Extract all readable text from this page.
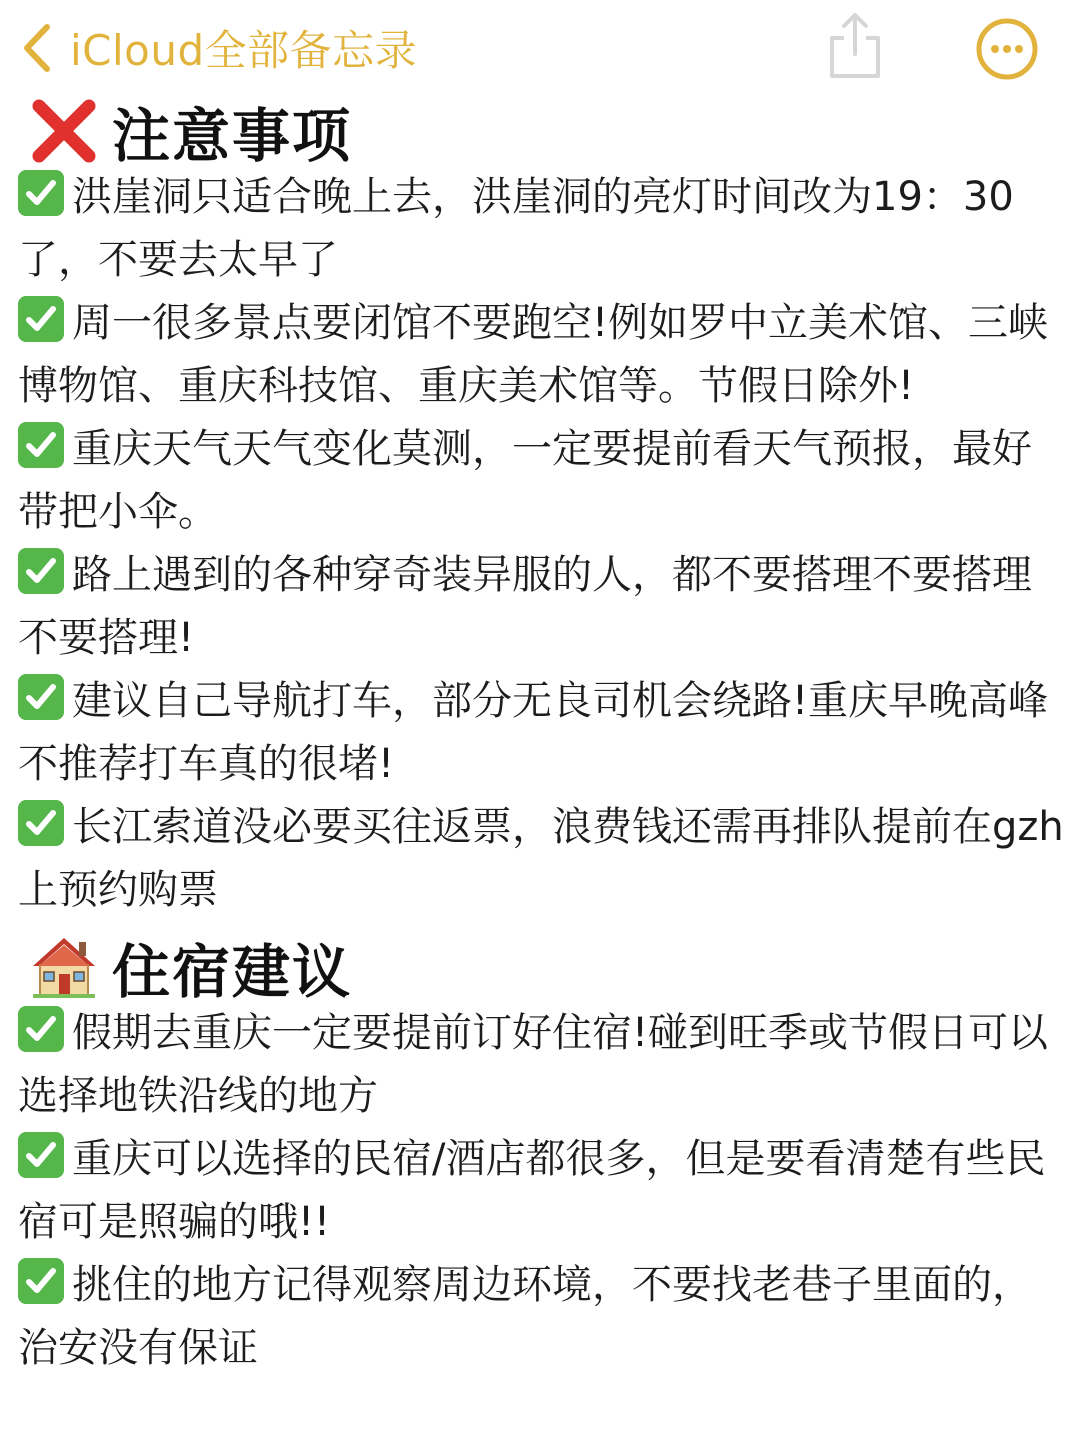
iCloud全部备忘录
注意事项

洪崖洞只适合晚上去，洪崖洞的亮灯时间改为19：30了，不要去太早了

周一很多景点要闭馆不要跑空!例如罗中立美术馆、三峡博物馆、重庆科技馆、重庆美术馆等。节假日除外!

重庆天气天气变化莫测，一定要提前看天气预报，最好带把小伞。

路上遇到的各种穿奇装异服的人，都不要搭理不要搭理不要搭理!

建议自己导航打车，部分无良司机会绕路!重庆早晚高峰不推荐打车真的很堵!

长江索道没必要买往返票，浪费钱还需再排队提前在gzh上预约购票

住宿建议

假期去重庆一定要提前订好住宿!碰到旺季或节假日可以选择地铁沿线的地方

重庆可以选择的民宿/酒店都很多，但是要看清楚有些民宿可是照骗的哦!!

挑住的地方记得观察周边环境，不要找老巷子里面的，治安没有保证
